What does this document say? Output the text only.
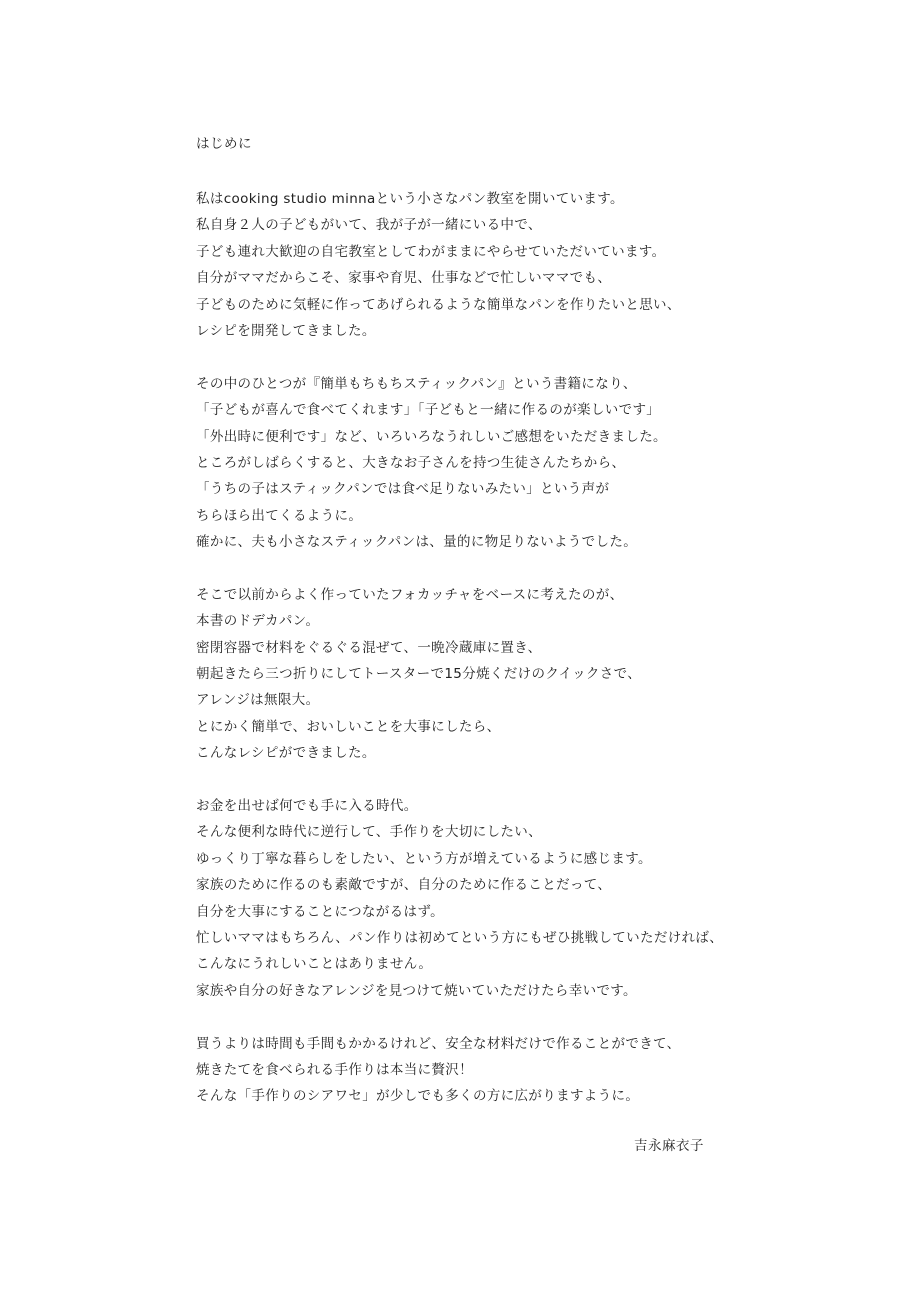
はじめに
私はcooking studio minnaという小さなパン教室を開いています。
私自身２人の子どもがいて、我が子が一緒にいる中で、
子ども連れ大歓迎の自宅教室としてわがままにやらせていただいています。
自分がママだからこそ、家事や育児、仕事などで忙しいママでも、
子どものために気軽に作ってあげられるような簡単なパンを作りたいと思い、
レシピを開発してきました。
その中のひとつが『簡単もちもちスティックパン』という書籍になり、
「子どもが喜んで食べてくれます」「子どもと一緒に作るのが楽しいです」
「外出時に便利です」など、いろいろなうれしいご感想をいただきました。
ところがしばらくすると、大きなお子さんを持つ生徒さんたちから、
「うちの子はスティックパンでは食べ足りないみたい」という声が
ちらほら出てくるように。
確かに、夫も小さなスティックパンは、量的に物足りないようでした。
そこで以前からよく作っていたフォカッチャをベースに考えたのが、
本書のドデカパン。
密閉容器で材料をぐるぐる混ぜて、一晩冷蔵庫に置き、
朝起きたら三つ折りにしてトースターで15分焼くだけのクイックさで、
アレンジは無限大。
とにかく簡単で、おいしいことを大事にしたら、
こんなレシピができました。
お金を出せば何でも手に入る時代。
そんな便利な時代に逆行して、手作りを大切にしたい、
ゆっくり丁寧な暮らしをしたい、という方が増えているように感じます。
家族のために作るのも素敵ですが、自分のために作ることだって、
自分を大事にすることにつながるはず。
忙しいママはもちろん、パン作りは初めてという方にもぜひ挑戦していただければ、
こんなにうれしいことはありません。
家族や自分の好きなアレンジを見つけて焼いていただけたら幸いです。
買うよりは時間も手間もかかるけれど、安全な材料だけで作ることができて、
焼きたてを食べられる手作りは本当に贅沢！
そんな「手作りのシアワセ」が少しでも多くの方に広がりますように。
吉永麻衣子
